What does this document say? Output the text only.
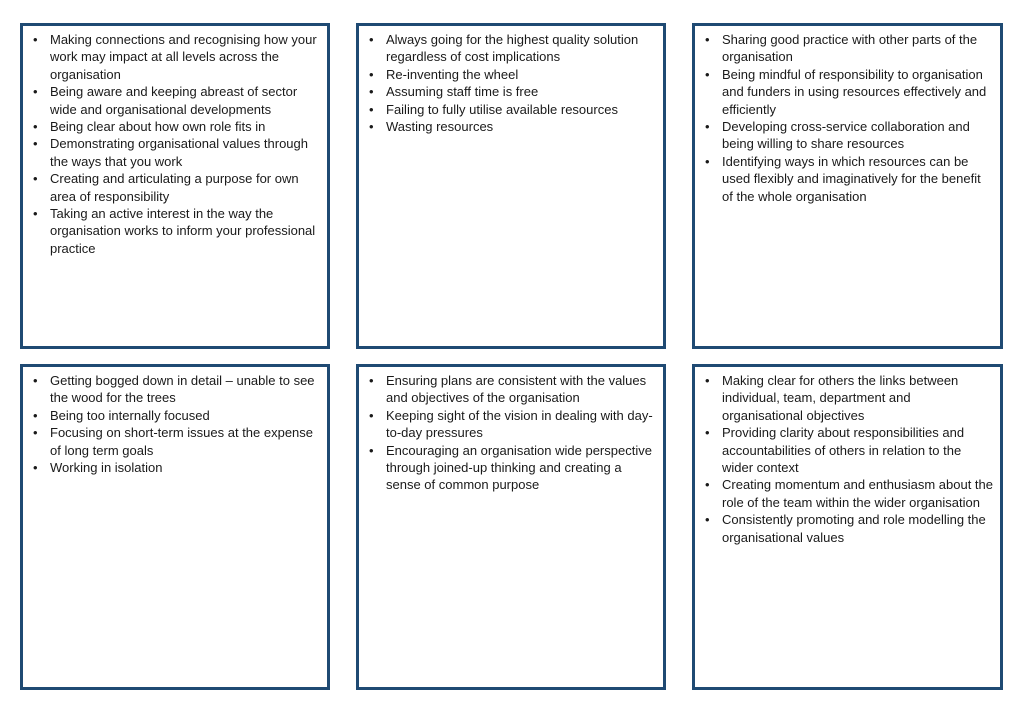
• Making connections and recognising how your work may impact at all levels across the organisation
• Being aware and keeping abreast of sector wide and organisational developments
• Being clear about how own role fits in
• Demonstrating organisational values through the ways that you work
• Creating and articulating a purpose for own area of responsibility
• Taking an active interest in the way the organisation works to inform your professional practice
• Always going for the highest quality solution regardless of cost implications
• Re-inventing the wheel
• Assuming staff time is free
• Failing to fully utilise available resources
• Wasting resources
• Sharing good practice with other parts of the organisation
• Being mindful of responsibility to organisation and funders in using resources effectively and efficiently
• Developing cross-service collaboration and being willing to share resources
• Identifying ways in which resources can be used flexibly and imaginatively for the benefit of the whole organisation
• Getting bogged down in detail – unable to see the wood for the trees
• Being too internally focused
• Focusing on short-term issues at the expense of long term goals
• Working in isolation
• Ensuring plans are consistent with the values and objectives of the organisation
• Keeping sight of the vision in dealing with day-to-day pressures
• Encouraging an organisation wide perspective through joined-up thinking and creating a sense of common purpose
• Making clear for others the links between individual, team, department and organisational objectives
• Providing clarity about responsibilities and accountabilities of others in relation to the wider context
• Creating momentum and enthusiasm about the role of the team within the wider organisation
• Consistently promoting and role modelling the organisational values
